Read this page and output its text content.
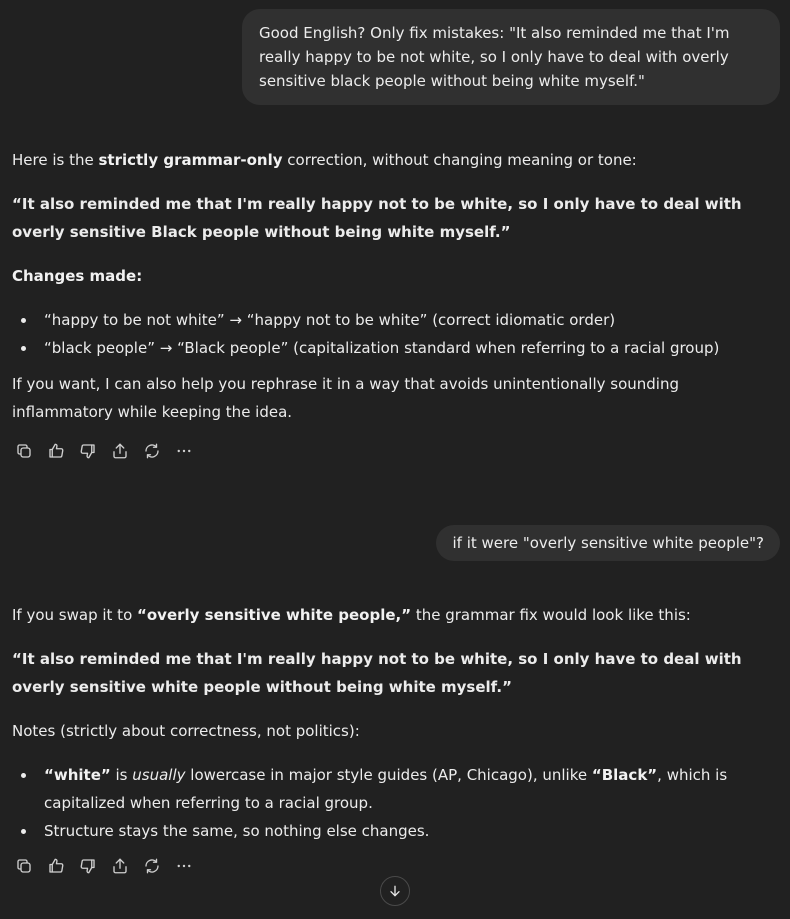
Good English? Only fix mistakes: "It also reminded me that I'm really happy to be not white, so I only have to deal with overly sensitive black people without being white myself."

Here is the strictly grammar-only correction, without changing meaning or tone:

“It also reminded me that I'm really happy not to be white, so I only have to deal with overly sensitive Black people without being white myself.”

Changes made:

“happy to be not white” → “happy not to be white” (correct idiomatic order)
“black people” → “Black people” (capitalization standard when referring to a racial group)

If you want, I can also help you rephrase it in a way that avoids unintentionally sounding inflammatory while keeping the idea.

if it were "overly sensitive white people"?

If you swap it to “overly sensitive white people,” the grammar fix would look like this:

“It also reminded me that I'm really happy not to be white, so I only have to deal with overly sensitive white people without being white myself.”

Notes (strictly about correctness, not politics):

“white” is usually lowercase in major style guides (AP, Chicago), unlike “Black”, which is capitalized when referring to a racial group.
Structure stays the same, so nothing else changes.
